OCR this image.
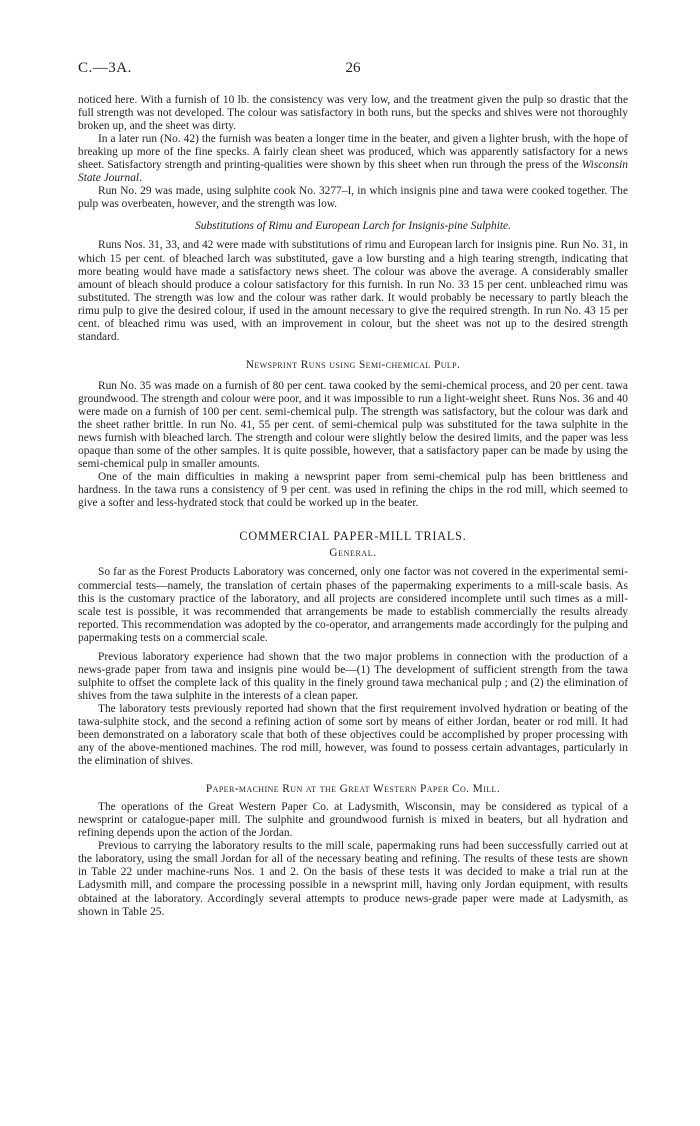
C.—3A.	26

noticed here. With a furnish of 10 lb. the consistency was very low, and the treatment given the pulp so drastic that the full strength was not developed. The colour was satisfactory in both runs, but the specks and shives were not thoroughly broken up, and the sheet was dirty.

In a later run (No. 42) the furnish was beaten a longer time in the beater, and given a lighter brush, with the hope of breaking up more of the fine specks. A fairly clean sheet was produced, which was apparently satisfactory for a news sheet. Satisfactory strength and printing-qualities were shown by this sheet when run through the press of the Wisconsin State Journal.

Run No. 29 was made, using sulphite cook No. 3277–I, in which insignis pine and tawa were cooked together. The pulp was overbeaten, however, and the strength was low.

Substitutions of Rimu and European Larch for Insignis-pine Sulphite.

Runs Nos. 31, 33, and 42 were made with substitutions of rimu and European larch for insignis pine. Run No. 31, in which 15 per cent. of bleached larch was substituted, gave a low bursting and a high tearing strength, indicating that more beating would have made a satisfactory news sheet. The colour was above the average. A considerably smaller amount of bleach should produce a colour satisfactory for this furnish. In run No. 33 15 per cent. unbleached rimu was substituted. The strength was low and the colour was rather dark. It would probably be necessary to partly bleach the rimu pulp to give the desired colour, if used in the amount necessary to give the required strength. In run No. 43 15 per cent. of bleached rimu was used, with an improvement in colour, but the sheet was not up to the desired strength standard.

Newsprint Runs using Semi-chemical Pulp.

Run No. 35 was made on a furnish of 80 per cent. tawa cooked by the semi-chemical process, and 20 per cent. tawa groundwood. The strength and colour were poor, and it was impossible to run a light-weight sheet. Runs Nos. 36 and 40 were made on a furnish of 100 per cent. semi-chemical pulp. The strength was satisfactory, but the colour was dark and the sheet rather brittle. In run No. 41, 55 per cent. of semi-chemical pulp was substituted for the tawa sulphite in the news furnish with bleached larch. The strength and colour were slightly below the desired limits, and the paper was less opaque than some of the other samples. It is quite possible, however, that a satisfactory paper can be made by using the semi-chemical pulp in smaller amounts.

One of the main difficulties in making a newsprint paper from semi-chemical pulp has been brittleness and hardness. In the tawa runs a consistency of 9 per cent. was used in refining the chips in the rod mill, which seemed to give a softer and less-hydrated stock that could be worked up in the beater.

COMMERCIAL PAPER-MILL TRIALS.
General.

So far as the Forest Products Laboratory was concerned, only one factor was not covered in the experimental semi-commercial tests—namely, the translation of certain phases of the papermaking experiments to a mill-scale basis. As this is the customary practice of the laboratory, and all projects are considered incomplete until such times as a mill-scale test is possible, it was recommended that arrangements be made to establish commercially the results already reported. This recommendation was adopted by the co-operator, and arrangements made accordingly for the pulping and papermaking tests on a commercial scale.

Previous laboratory experience had shown that the two major problems in connection with the production of a news-grade paper from tawa and insignis pine would be—(1) The development of sufficient strength from the tawa sulphite to offset the complete lack of this quality in the finely ground tawa mechanical pulp ; and (2) the elimination of shives from the tawa sulphite in the interests of a clean paper.

The laboratory tests previously reported had shown that the first requirement involved hydration or beating of the tawa-sulphite stock, and the second a refining action of some sort by means of either Jordan, beater or rod mill. It had been demonstrated on a laboratory scale that both of these objectives could be accomplished by proper processing with any of the above-mentioned machines. The rod mill, however, was found to possess certain advantages, particularly in the elimination of shives.

Paper-machine Run at the Great Western Paper Co. Mill.

The operations of the Great Western Paper Co. at Ladysmith, Wisconsin, may be considered as typical of a newsprint or catalogue-paper mill. The sulphite and groundwood furnish is mixed in beaters, but all hydration and refining depends upon the action of the Jordan.

Previous to carrying the laboratory results to the mill scale, papermaking runs had been successfully carried out at the laboratory, using the small Jordan for all of the necessary beating and refining. The results of these tests are shown in Table 22 under machine-runs Nos. 1 and 2. On the basis of these tests it was decided to make a trial run at the Ladysmith mill, and compare the processing possible in a newsprint mill, having only Jordan equipment, with results obtained at the laboratory. Accordingly several attempts to produce news-grade paper were made at Ladysmith, as shown in Table 25.
